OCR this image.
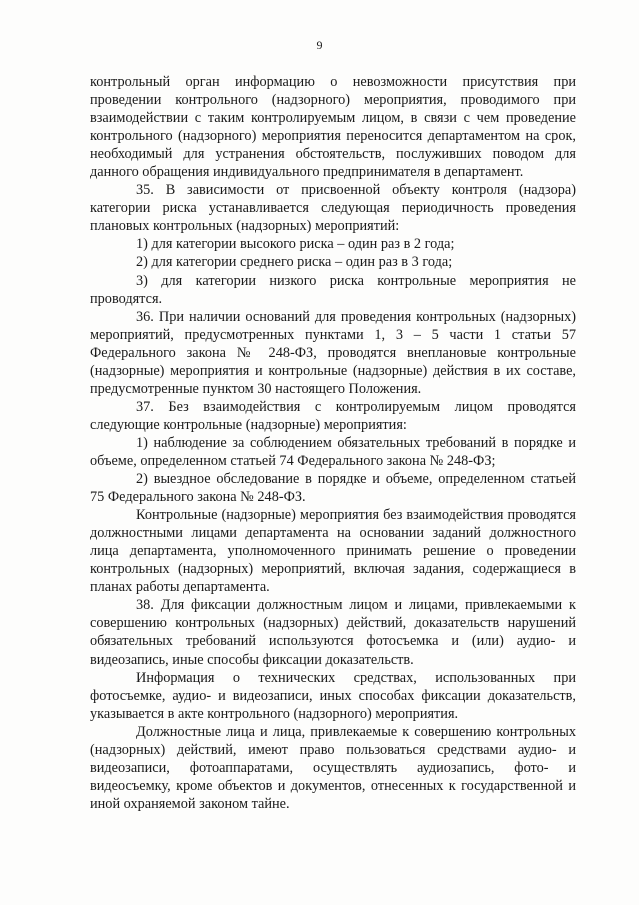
9

контрольный орган информацию о невозможности присутствия при проведении контрольного (надзорного) мероприятия, проводимого при взаимодействии с таким контролируемым лицом, в связи с чем проведение контрольного (надзорного) мероприятия переносится департаментом на срок, необходимый для устранения обстоятельств, послуживших поводом для данного обращения индивидуального предпринимателя в департамент.

35. В зависимости от присвоенной объекту контроля (надзора) категории риска устанавливается следующая периодичность проведения плановых контрольных (надзорных) мероприятий:

1) для категории высокого риска – один раз в 2 года;

2) для категории среднего риска – один раз в 3 года;

3) для категории низкого риска контрольные мероприятия не проводятся.

36. При наличии оснований для проведения контрольных (надзорных) мероприятий, предусмотренных пунктами 1, 3 – 5 части 1 статьи 57 Федерального закона № 248-ФЗ, проводятся внеплановые контрольные (надзорные) мероприятия и контрольные (надзорные) действия в их составе, предусмотренные пунктом 30 настоящего Положения.

37. Без взаимодействия с контролируемым лицом проводятся следующие контрольные (надзорные) мероприятия:

1) наблюдение за соблюдением обязательных требований в порядке и объеме, определенном статьей 74 Федерального закона № 248-ФЗ;

2) выездное обследование в порядке и объеме, определенном статьей 75 Федерального закона № 248-ФЗ.

Контрольные (надзорные) мероприятия без взаимодействия проводятся должностными лицами департамента на основании заданий должностного лица департамента, уполномоченного принимать решение о проведении контрольных (надзорных) мероприятий, включая задания, содержащиеся в планах работы департамента.

38. Для фиксации должностным лицом и лицами, привлекаемыми к совершению контрольных (надзорных) действий, доказательств нарушений обязательных требований используются фотосъемка и (или) аудио- и видеозапись, иные способы фиксации доказательств.

Информация о технических средствах, использованных при фотосъемке, аудио- и видеозаписи, иных способах фиксации доказательств, указывается в акте контрольного (надзорного) мероприятия.

Должностные лица и лица, привлекаемые к совершению контрольных (надзорных) действий, имеют право пользоваться средствами аудио- и видеозаписи, фотоаппаратами, осуществлять аудиозапись, фото- и видеосъемку, кроме объектов и документов, отнесенных к государственной и иной охраняемой законом тайне.
